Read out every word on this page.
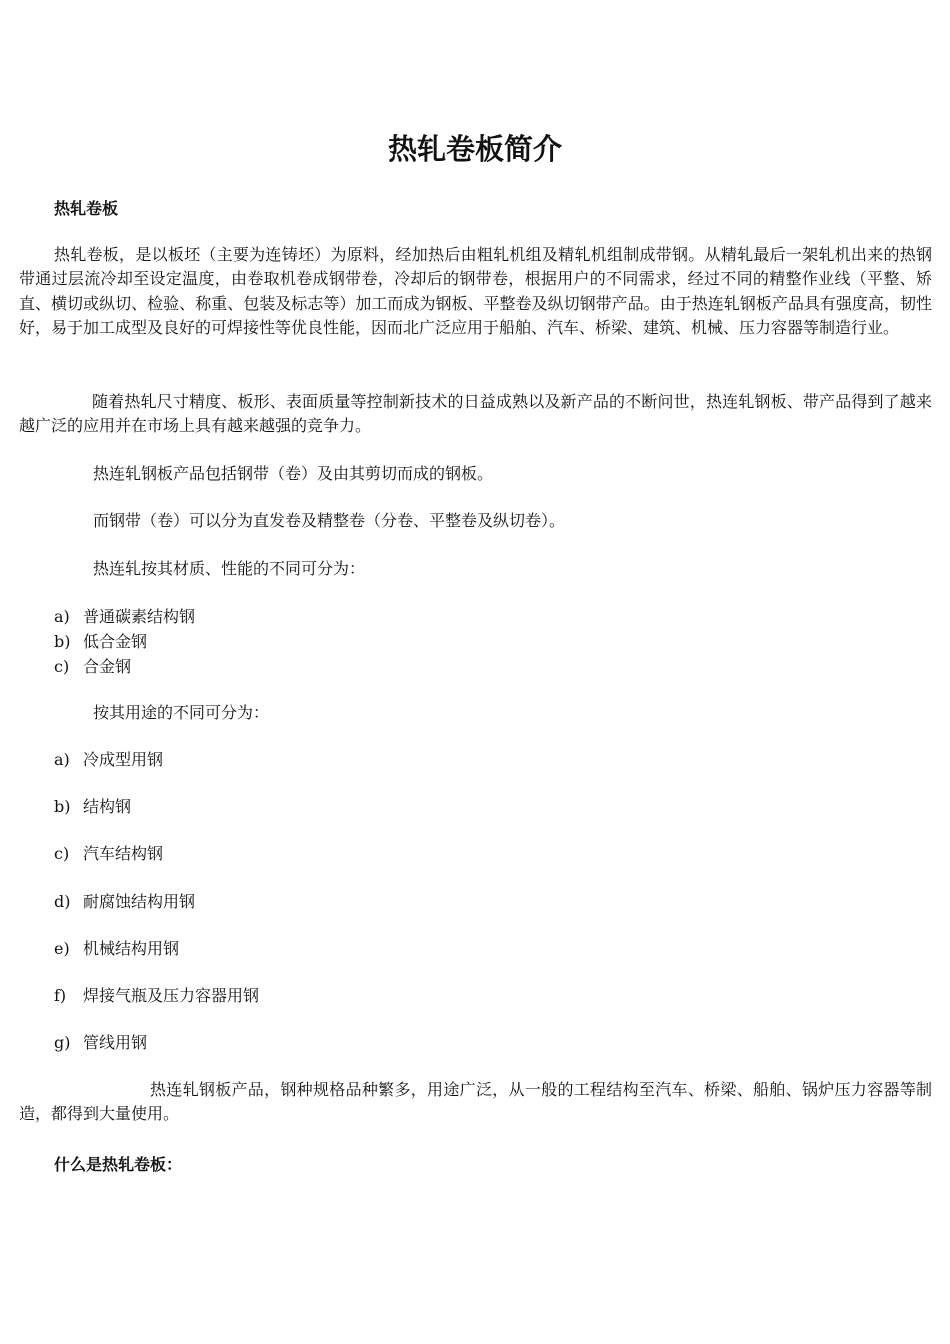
热轧卷板简介
热轧卷板

热轧卷板，是以板坯（主要为连铸坯）为原料，经加热后由粗轧机组及精轧机组制成带钢。从精轧最后一架轧机出来的热钢带通过层流冷却至设定温度，由卷取机卷成钢带卷，冷却后的钢带卷，根据用户的不同需求，经过不同的精整作业线（平整、矫直、横切或纵切、检验、称重、包装及标志等）加工而成为钢板、平整卷及纵切钢带产品。由于热连轧钢板产品具有强度高，韧性好，易于加工成型及良好的可焊接性等优良性能，因而北广泛应用于船舶、汽车、桥梁、建筑、机械、压力容器等制造行业。

随着热轧尺寸精度、板形、表面质量等控制新技术的日益成熟以及新产品的不断问世，热连轧钢板、带产品得到了越来越广泛的应用并在市场上具有越来越强的竞争力。

热连轧钢板产品包括钢带（卷）及由其剪切而成的钢板。

而钢带（卷）可以分为直发卷及精整卷（分卷、平整卷及纵切卷）。

热连轧按其材质、性能的不同可分为：

a) 普通碳素结构钢
b) 低合金钢
c) 合金钢

按其用途的不同可分为：

a) 冷成型用钢
b) 结构钢
c) 汽车结构钢
d) 耐腐蚀结构用钢
e) 机械结构用钢
f)	焊接气瓶及压力容器用钢
g) 管线用钢

热连轧钢板产品，钢种规格品种繁多，用途广泛，从一般的工程结构至汽车、桥梁、船舶、锅炉压力容器等制造，都得到大量使用。

什么是热轧卷板：
